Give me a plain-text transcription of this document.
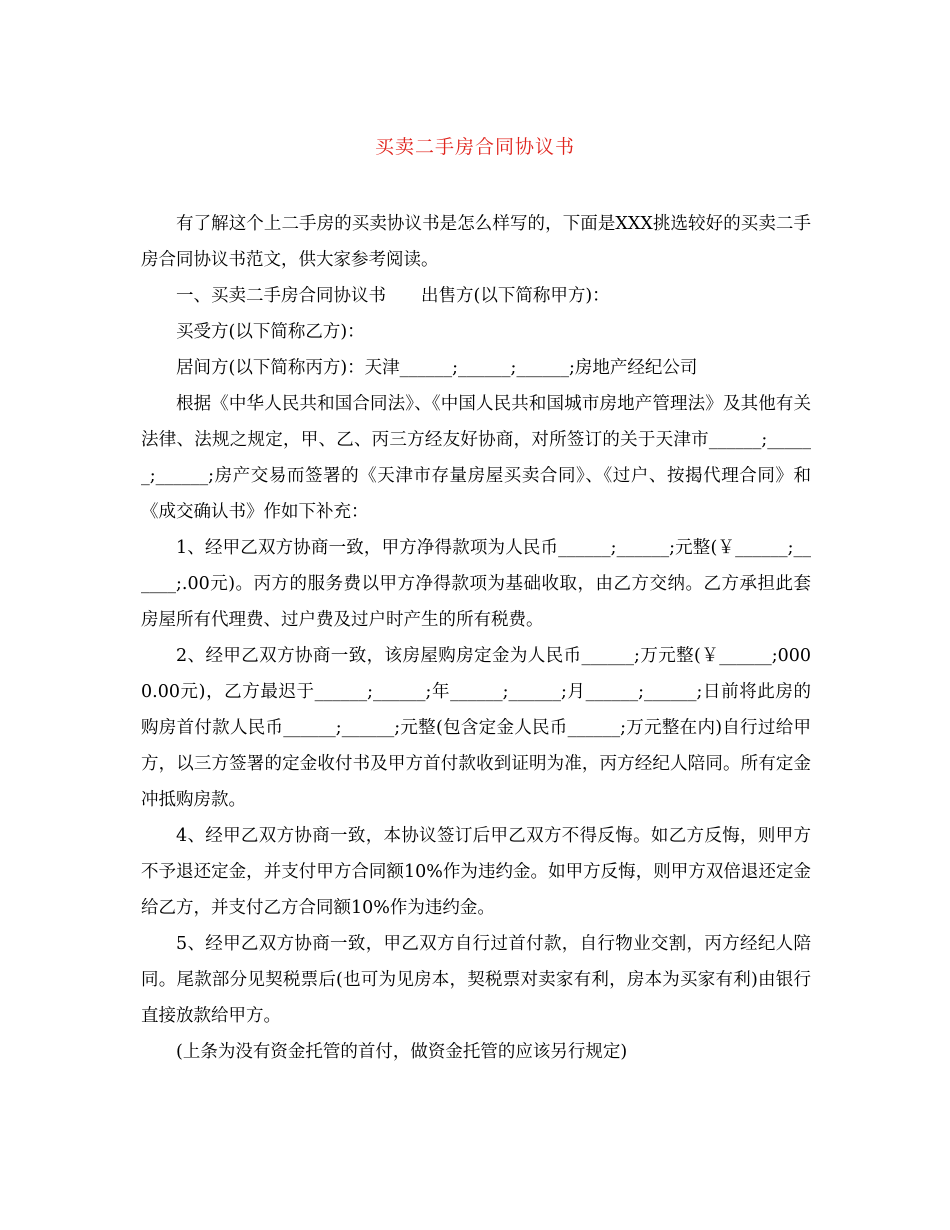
买卖二手房合同协议书

有了解这个上二手房的买卖协议书是怎么样写的，下面是XXX挑选较好的买卖二手房合同协议书范文，供大家参考阅读。

一、买卖二手房合同协议书　　出售方(以下简称甲方)：

买受方(以下简称乙方)：

居间方(以下简称丙方)：天津______;______;______;房地产经纪公司

根据《中华人民共和国合同法》、《中国人民共和国城市房地产管理法》及其他有关法律、法规之规定，甲、乙、丙三方经友好协商，对所签订的关于天津市______;______;______;房产交易而签署的《天津市存量房屋买卖合同》、《过户、按揭代理合同》和《成交确认书》作如下补充：

1、经甲乙双方协商一致，甲方净得款项为人民币______;______;元整(￥______;______;.00元)。丙方的服务费以甲方净得款项为基础收取，由乙方交纳。乙方承担此套房屋所有代理费、过户费及过户时产生的所有税费。

2、经甲乙双方协商一致，该房屋购房定金为人民币______;万元整(￥______;0000.00元)，乙方最迟于______;______;年______;______;月______;______;日前将此房的购房首付款人民币______;______;元整(包含定金人民币______;万元整在内)自行过给甲方，以三方签署的定金收付书及甲方首付款收到证明为准，丙方经纪人陪同。所有定金冲抵购房款。

4、经甲乙双方协商一致，本协议签订后甲乙双方不得反悔。如乙方反悔，则甲方不予退还定金，并支付甲方合同额10%作为违约金。如甲方反悔，则甲方双倍退还定金给乙方，并支付乙方合同额10%作为违约金。

5、经甲乙双方协商一致，甲乙双方自行过首付款，自行物业交割，丙方经纪人陪同。尾款部分见契税票后(也可为见房本，契税票对卖家有利，房本为买家有利)由银行直接放款给甲方。

(上条为没有资金托管的首付，做资金托管的应该另行规定)
